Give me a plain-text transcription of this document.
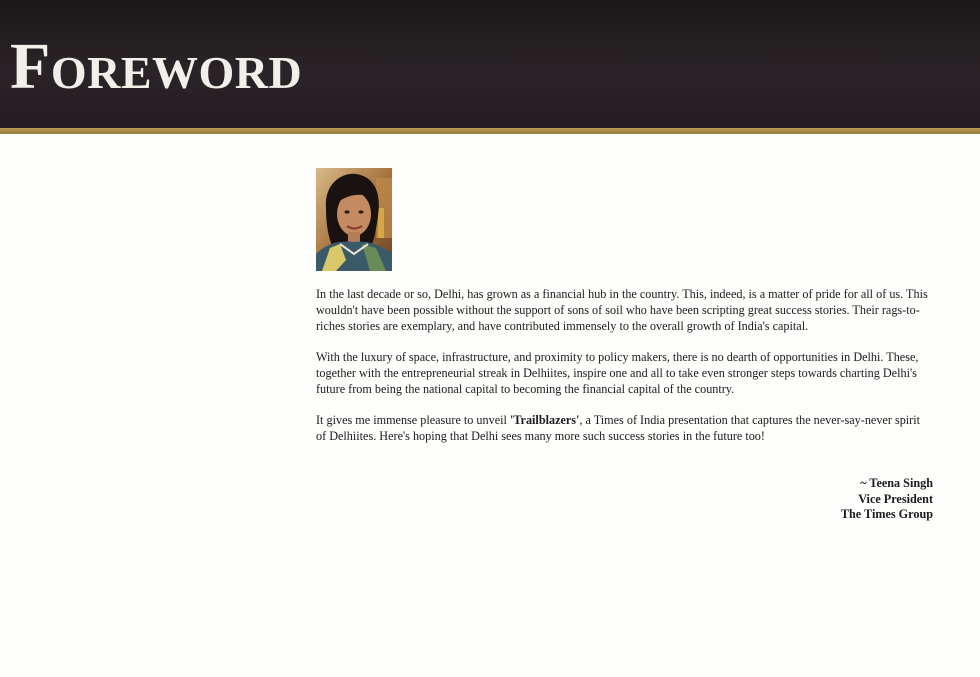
FOREWORD

In the last decade or so, Delhi, has grown as a financial hub in the country. This, indeed, is a matter of pride for all of us. This wouldn't have been possible without the support of sons of soil who have been scripting great success stories. Their rags-to-riches stories are exemplary, and have contributed immensely to the overall growth of India's capital.

With the luxury of space, infrastructure, and proximity to policy makers, there is no dearth of opportunities in Delhi. These, together with the entrepreneurial streak in Delhiites, inspire one and all to take even stronger steps towards charting Delhi's future from being the national capital to becoming the financial capital of the country.

It gives me immense pleasure to unveil 'Trailblazers', a Times of India presentation that captures the never-say-never spirit of Delhiites. Here's hoping that Delhi sees many more such success stories in the future too!

~ Teena Singh
Vice President
The Times Group
